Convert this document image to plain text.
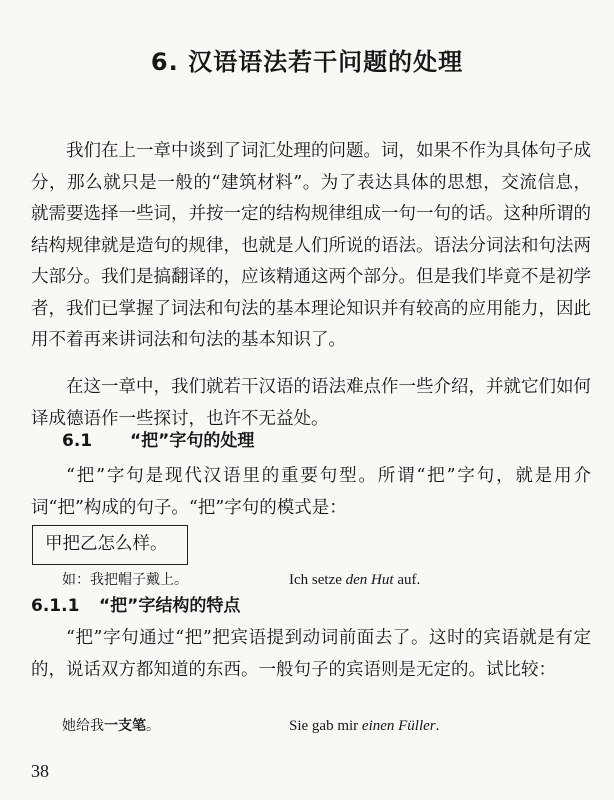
6. 汉语语法若干问题的处理
我们在上一章中谈到了词汇处理的问题。词，如果不作为具体句子成分，那么就只是一般的“建筑材料”。为了表达具体的思想，交流信息，就需要选择一些词，并按一定的结构规律组成一句一句的话。这种所谓的结构规律就是造句的规律，也就是人们所说的语法。语法分词法和句法两大部分。我们是搞翻译的，应该精通这两个部分。但是我们毕竟不是初学者，我们已掌握了词法和句法的基本理论知识并有较高的应用能力，因此用不着再来讲词法和句法的基本知识了。
在这一章中，我们就若干汉语的语法难点作一些介绍，并就它们如何译成德语作一些探讨，也许不无益处。
6.1 “把”字句的处理
“把”字句是现代汉语里的重要句型。所谓“把”字句，就是用介词“把”构成的句子。“把”字句的模式是：
甲把乙怎么样。
如：我把帽子戴上。	Ich setze den Hut auf.
6.1.1 “把”字结构的特点
“把”字句通过“把”把宾语提到动词前面去了。这时的宾语就是有定的，说话双方都知道的东西。一般句子的宾语则是无定的。试比较：
她给我一支笔。	Sie gab mir einen Füller.
38
